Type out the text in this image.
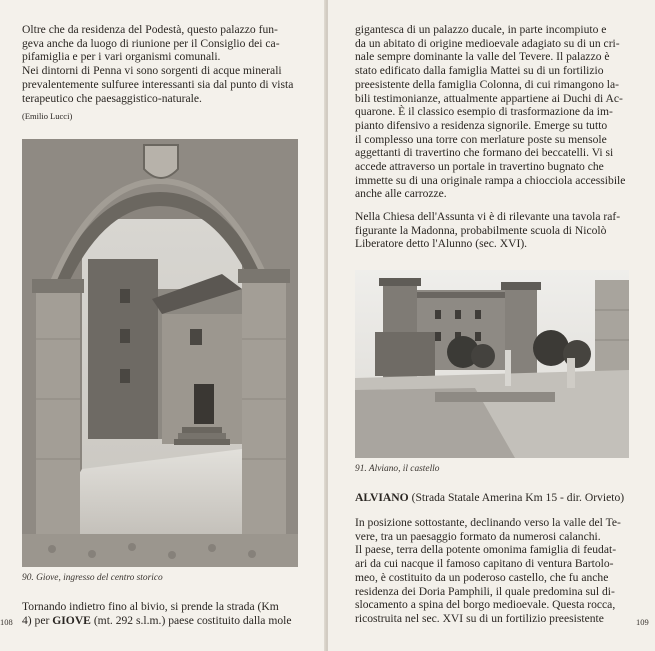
Oltre che da residenza del Podestà, questo palazzo fun-
geva anche da luogo di riunione per il Consiglio dei ca-
pifamiglia e per i vari organismi comunali.

Nei dintorni di Penna vi sono sorgenti di acque minerali
prevalentemente sulfuree interessanti sia dal punto di vista
terapeutico che paesaggistico-naturale.

(Emilio Lucci)
90. Giove, ingresso del centro storico
Tornando indietro fino al bivio, si prende la strada (Km
4) per GIOVE (mt. 292 s.l.m.) paese costituito dalla mole
108
gigantesca di un palazzo ducale, in parte incompiuto e
da un abitato di origine medioevale adagiato su di un cri-
nale sempre dominante la valle del Tevere. Il palazzo è
stato edificato dalla famiglia Mattei su di un fortilizio
preesistente della famiglia Colonna, di cui rimangono la-
bili testimonianze, attualmente appartiene ai Duchi di Ac-
quarone. È il classico esempio di trasformazione da im-
pianto difensivo a residenza signorile. Emerge su tutto
il complesso una torre con merlature poste su mensole
aggettanti di travertino che formano dei beccatelli. Vi si
accede attraverso un portale in travertino bugnato che
immette su di una originale rampa a chiocciola accessibile
anche alle carrozze.
Nella Chiesa dell'Assunta vi è di rilevante una tavola raf-
figurante la Madonna, probabilmente scuola di Nicolò
Liberatore detto l'Alunno (sec. XVI).
91. Alviano, il castello
ALVIANO (Strada Statale Amerina Km 15 - dir. Orvieto)
In posizione sottostante, declinando verso la valle del Te-
vere, tra un paesaggio formato da numerosi calanchi.
Il paese, terra della potente omonima famiglia di feudat-
ari da cui nacque il famoso capitano di ventura Bartolo-
meo, è costituito da un poderoso castello, che fu anche
residenza dei Doria Pamphili, il quale predomina sul di-
slocamento a spina del borgo medioevale. Questa rocca,
ricostruita nel sec. XVI su di un fortilizio preesistente	109
